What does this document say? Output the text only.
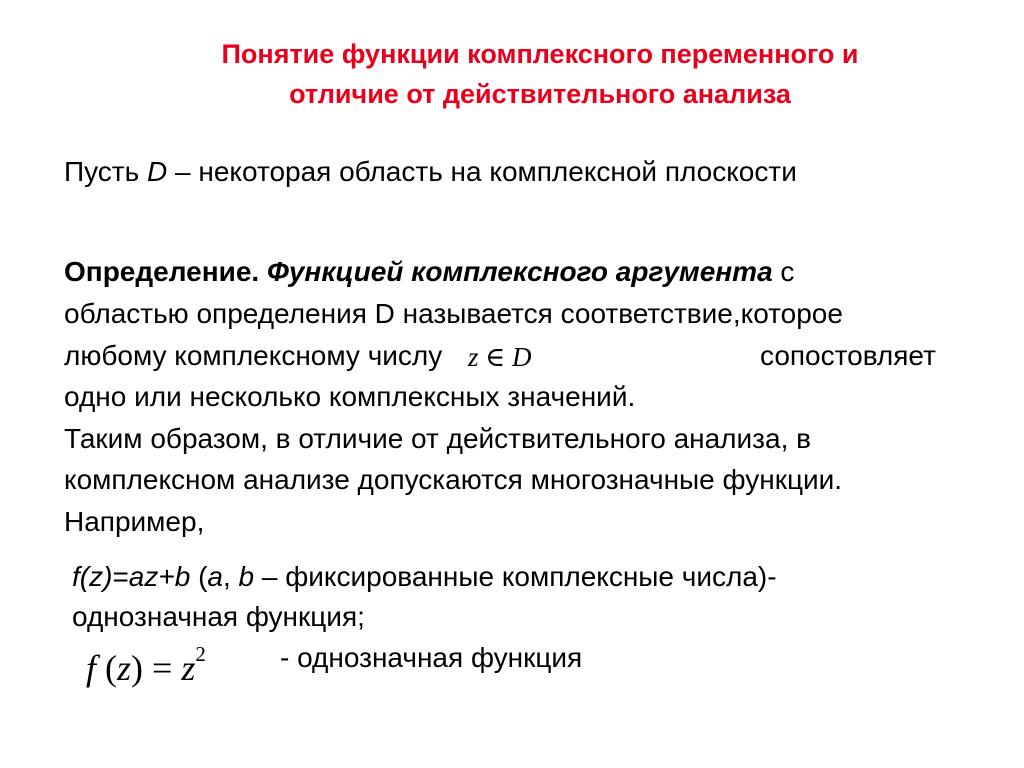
Понятие функции комплексного переменного и
отличие от действительного анализа
Пусть D – некоторая область на комплексной плоскости
Определение. Функцией комплексного аргумента с
областью определения D называется соответствие,которое
любому комплексному числу z ∈ D	сопостовляет
одно или несколько комплексных значений.
Таким образом, в отличие от действительного анализа, в
комплексном анализе допускаются многозначные функции.
Например,
f(z)=az+b (a, b – фиксированные комплексные числа)-
однозначная функция;
f $(z) = z^2$	- однозначная функция
